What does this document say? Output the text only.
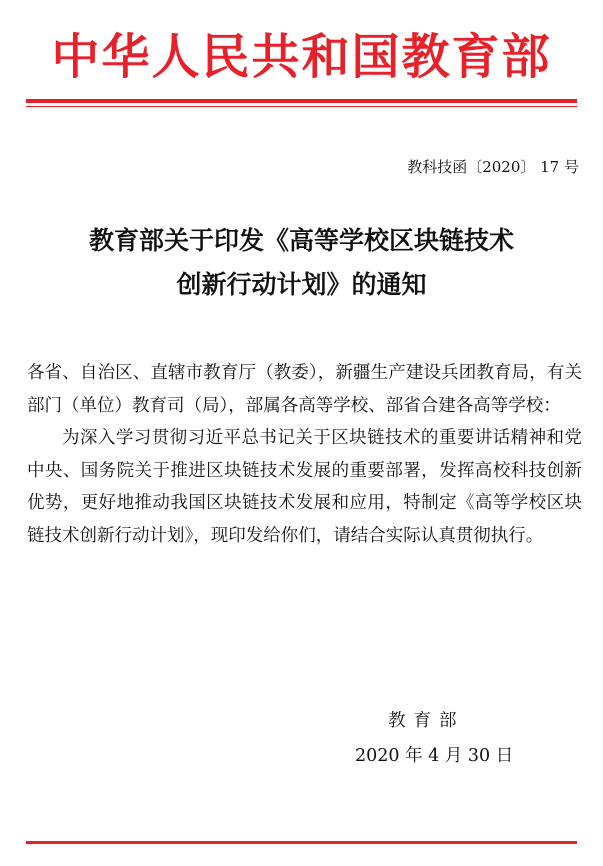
中华人民共和国教育部
教科技函〔2020〕 17 号
教育部关于印发《高等学校区块链技术
创新行动计划》的通知

各省、自治区、直辖市教育厅（教委），新疆生产建设兵团教育局，有关部门（单位）教育司（局），部属各高等学校、部省合建各高等学校：

为深入学习贯彻习近平总书记关于区块链技术的重要讲话精神和党中央、国务院关于推进区块链技术发展的重要部署，发挥高校科技创新优势，更好地推动我国区块链技术发展和应用，特制定《高等学校区块链技术创新行动计划》，现印发给你们，请结合实际认真贯彻执行。

教育部
2020 年 4 月 30 日
